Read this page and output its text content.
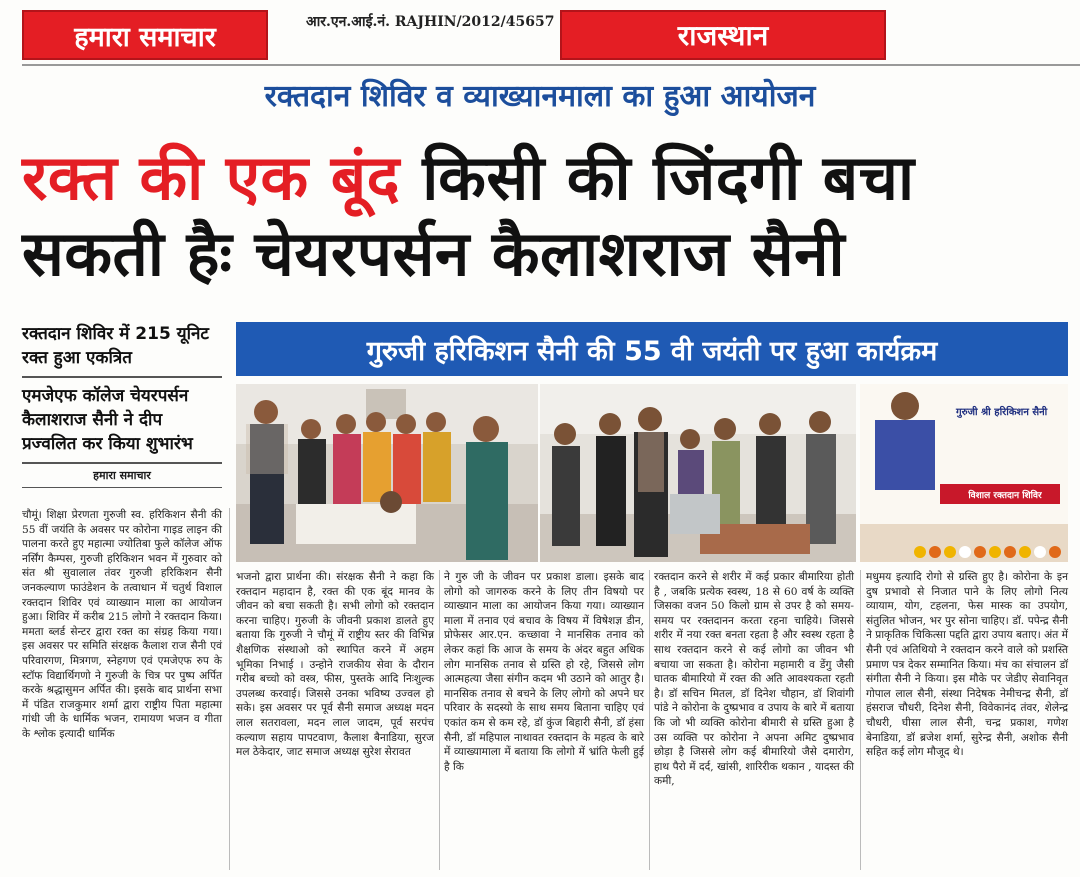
हमारा समाचार	आर.एन.आई.नं. RAJHIN/2012/45657	राजस्थान
रक्तदान शिविर व व्याख्यानमाला का हुआ आयोजन
रक्त की एक बूंद किसी की जिंदगी बचा
सकती हैः चेयरपर्सन कैलाशराज सैनी
रक्तदान शिविर में 215 यूनिट रक्त हुआ एकत्रित
एमजेएफ कॉलेज चेयरपर्सन कैलाशराज सैनी ने दीप प्रज्वलित कर किया शुभारंभ
हमारा समाचार
गुरुजी हरिकिशन सैनी की 55 वी जयंती पर हुआ कार्यक्रम
गुरुजी श्री हरिकिशन सैनी
विशाल रक्तदान शिविर
चौमूं। शिक्षा प्रेरणता गुरुजी स्व. हरिकिशन सैनी की 55 वीं जयंति के अवसर पर कोरोना गाइड लाइन की पालना करते हुए महात्मा ज्योतिबा फुले कॉलेज ऑफ नर्सिंग कैम्पस, गुरुजी हरिकिशन भवन में गुरुवार को संत श्री सुवालाल तंवर गुरुजी हरिकिशन सैनी जनकल्याण फाउंडेशन के तत्वाधान में चतुर्थ विशाल रक्तदान शिविर एवं व्याख्यान माला का आयोजन हुआ। शिविर में करीब 215 लोगो ने रक्तदान किया। ममता ब्लर्ड सेन्टर द्वारा रक्त का संग्रह किया गया। इस अवसर पर समिति संरक्षक कैलाश राज सैनी एवं परिवारगण, मित्रगण, स्नेहगण एवं एमजेएफ रुप के स्टॉफ विद्यार्थिगणो ने गुरुजी के चित्र पर पुष्प अर्पित करके श्रद्धासुमन अर्पित की। इसके बाद प्रार्थना सभा में पंडित राजकुमार शर्मा द्वारा राष्ट्रीय पिता महात्मा गांधी जी के धार्मिक भजन, रामायण भजन व गीता के श्लोक इत्यादी धार्मिक
भजनो द्वारा प्रार्थना की। संरक्षक सैनी ने कहा कि रक्तदान महादान है, रक्त की एक बूंद मानव के जीवन को बचा सकती है। सभी लोगो को रक्तदान करना चाहिए। गुरुजी के जीवनी प्रकाश डालते हुए बताया कि गुरुजी ने चौमूं में राष्ट्रीय स्तर की विभिन्न शैक्षणिक संस्थाओ को स्थापित करने में अहम भूमिका निभाई । उन्होने राजकीय सेवा के दौरान गरीब बच्चो को वस्त्र, फीस, पुस्तके आदि निःशुल्क उपलब्ध करवाई। जिससे उनका भविष्य उज्वल हो सके। इस अवसर पर पूर्व सैनी समाज अध्यक्ष मदन लाल सतरावला, मदन लाल जादम, पूर्व सरपंच कल्याण सहाय पापटवाण, कैलाश बैनाडिया, सुरज मल ठेकेदार, जाट समाज अध्यक्ष सुरेश सेरावत
ने गुरु जी के जीवन पर प्रकाश डाला। इसके बाद लोगो को जागरुक करने के लिए तीन विषयो पर व्याख्यान माला का आयोजन किया गया। व्याख्यान माला में तनाव एवं बचाव के विषय में विषेशज्ञ डीन, प्रोफेसर आर.एन. कच्छावा ने मानसिक तनाव को लेकर कहां कि आज के समय के अंदर बहुत अधिक लोग मानसिक तनाव से ग्रस्ति हो रहे, जिससे लोग आत्महत्या जैसा संगीन कदम भी उठाने को आतुर है। मानसिक तनाव से बचने के लिए लोगो को अपने घर परिवार के सदस्यो के साथ समय बिताना चाहिए एवं एकांत कम से कम रहे, डॉ कुंज बिहारी सैनी, डॉ हंसा सैनी, डॉ महिपाल नाथावत रक्तदान के महत्व के बारे में व्याख्यामाला में बताया कि लोगो में भ्रांति फेली हुई है कि
रक्तदान करने से शरीर में कई प्रकार बीमारिया होती है , जबकि प्रत्येक स्वस्थ, 18 से 60 वर्ष के व्यक्ति जिसका वजन 50 किलो ग्राम से उपर है को समय-समय पर रक्तदानन करता रहना चाहिये। जिससे शरीर में नया रक्त बनता रहता है और स्वस्थ रहता है साथ रक्तदान करने से कई लोगो का जीवन भी बचाया जा सकता है। कोरोना महामारी व डेंगु जैसी घातक बीमारियो में रक्त की अति आवश्यकता रहती है। डॉ सचिन मितल, डॉ दिनेश चौहान, डॉ शिवांगी पांडे ने कोरोना के दुष्प्रभाव व उपाय के बारे में बताया कि जो भी व्यक्ति कोरोना बीमारी से ग्रस्ति हुआ है उस व्यक्ति पर कोरोना ने अपना अमिट दुष्प्रभाव छोड़ा है जिससे लोग कई बीमारियो जैसे दमारोग, हाथ पैरो में दर्द, खांसी, शारिरीक थकान , यादस्त की कमी,
मधुमय इत्यादि रोगो से ग्रस्ति हुए है। कोरोना के इन दुष प्रभावो से निजात पाने के लिए लोगो नित्य व्यायाम, योग, टहलना, फेस मास्क का उपयोग, संतुलित भोजन, भर पुर सोना चाहिए। डॉ. पपेन्द्र सैनी ने प्राकृतिक चिकित्सा पद्दति द्वारा उपाय बताए। अंत में सैनी एवं अतिथियो ने रक्तदान करने वाले को प्रशस्ति प्रमाण पत्र देकर सम्मानित किया। मंच का संचालन डॉ संगीता सैनी ने किया। इस मौके पर जेडीए सेवानिवृत गोपाल लाल सैनी, संस्था निदेषक नेमीचन्द्र सैनी, डॉ हंसराज चौधरी, दिनेश सैनी, विवेकानंद तंवर, शेलेन्द्र चौधरी, घीसा लाल सैनी, चन्द्र प्रकाश, गणेश बेनाडिया, डॉ ब्रजेश शर्मा, सुरेन्द्र सैनी, अशोक सैनी सहित कई लोग मौजूद थे।
